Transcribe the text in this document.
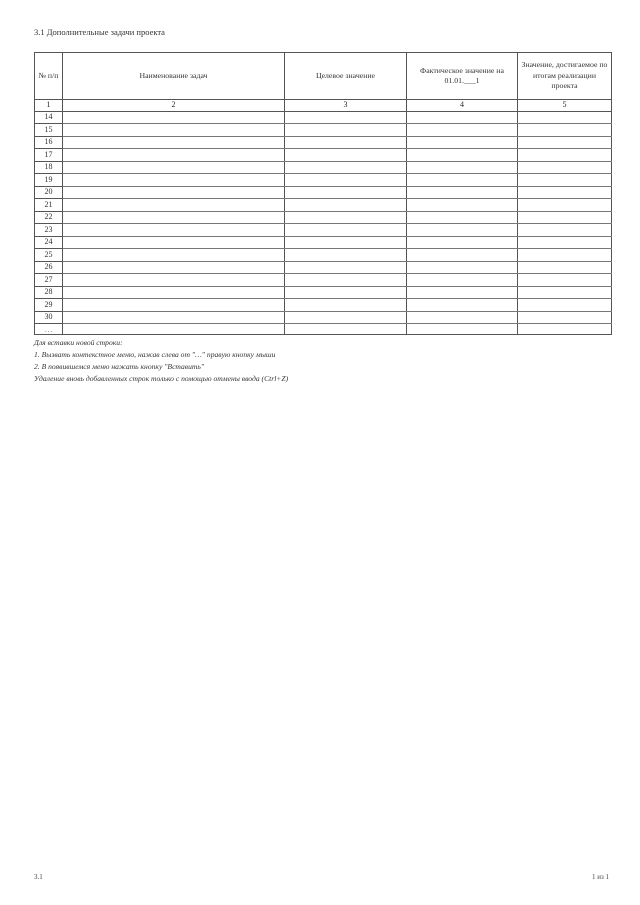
3.1 Дополнительные задачи проекта
№ п/п	Наименование задач	Целевое значение	Фактическое значение на 01.01.___1	Значение, достигаемое по итогам реализации проекта
1	2	3	4	5
14				
15				
16				
17				
18				
19				
20				
21				
22				
23				
24				
25				
26				
27				
28				
29				
30				
…				
Для вставки новой строки:
1. Вызвать контекстное меню, нажав слева от "…" правую кнопку мыши
2. В появившемся меню нажать кнопку "Вставить"
Удаление вновь добавленных строк только с помощью отмены ввода (Ctrl+Z)
3.1	1 из 1
